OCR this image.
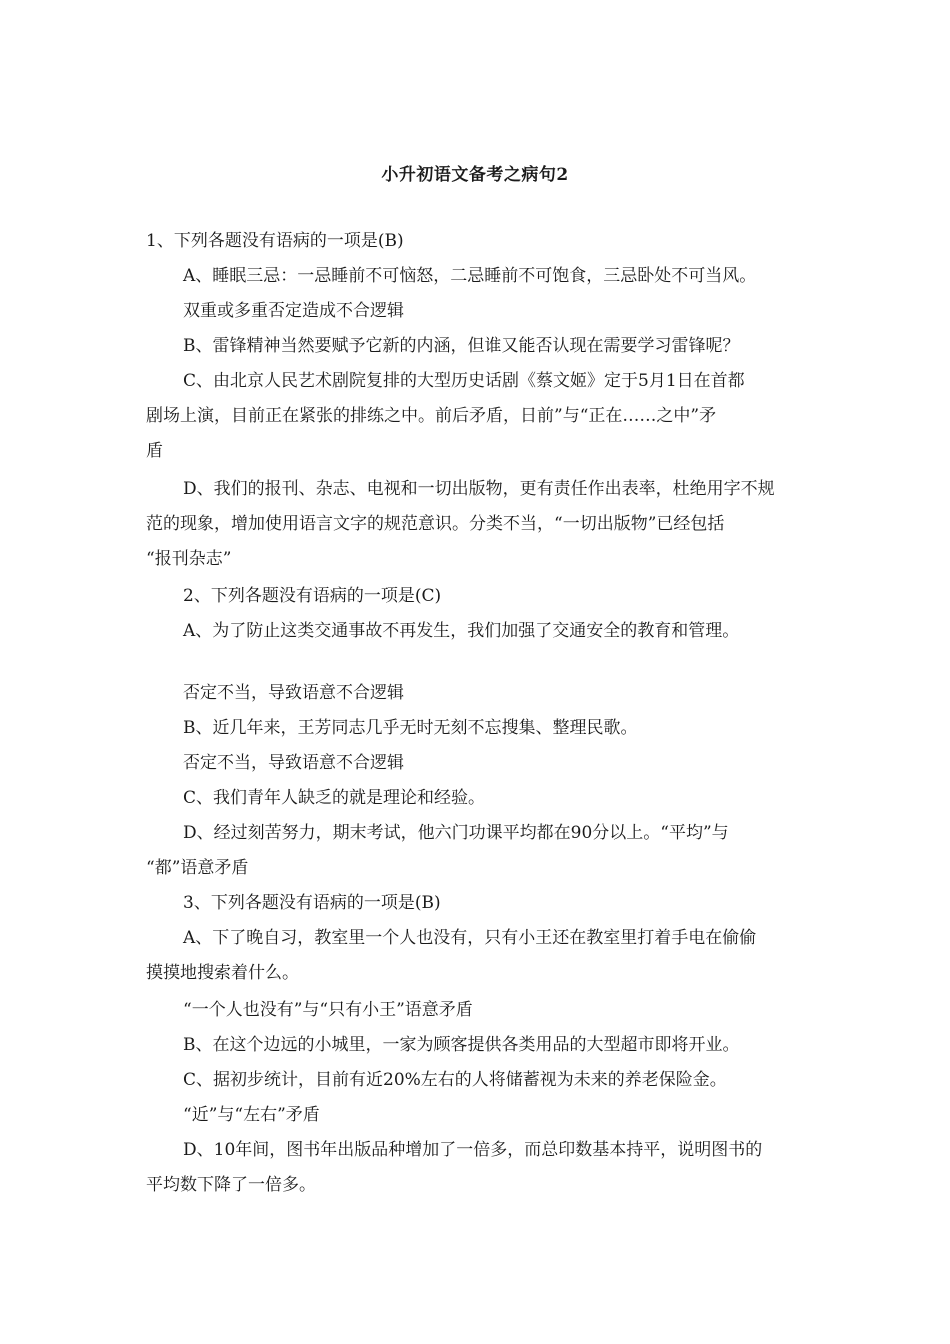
小升初语文备考之病句2
1、下列各题没有语病的一项是(B)
A、睡眠三忌：一忌睡前不可恼怒，二忌睡前不可饱食，三忌卧处不可当风。
双重或多重否定造成不合逻辑
B、雷锋精神当然要赋予它新的内涵，但谁又能否认现在需要学习雷锋呢？
C、由北京人民艺术剧院复排的大型历史话剧《蔡文姬》定于5月1日在首都
剧场上演，目前正在紧张的排练之中。前后矛盾，日前”与“正在……之中”矛
盾
D、我们的报刊、杂志、电视和一切出版物，更有责任作出表率，杜绝用字不规
范的现象，增加使用语言文字的规范意识。分类不当，“一切出版物”已经包括
“报刊杂志”
2、下列各题没有语病的一项是(C)
A、为了防止这类交通事故不再发生，我们加强了交通安全的教育和管理。
否定不当，导致语意不合逻辑
B、近几年来，王芳同志几乎无时无刻不忘搜集、整理民歌。
否定不当，导致语意不合逻辑
C、我们青年人缺乏的就是理论和经验。
D、经过刻苦努力，期末考试，他六门功课平均都在90分以上。“平均”与
“都”语意矛盾
3、下列各题没有语病的一项是(B)
A、下了晚自习，教室里一个人也没有，只有小王还在教室里打着手电在偷偷
摸摸地搜索着什么。
“一个人也没有”与“只有小王”语意矛盾
B、在这个边远的小城里，一家为顾客提供各类用品的大型超市即将开业。
C、据初步统计，目前有近20%左右的人将储蓄视为未来的养老保险金。
“近”与“左右”矛盾
D、10年间，图书年出版品种增加了一倍多，而总印数基本持平，说明图书的
平均数下降了一倍多。
